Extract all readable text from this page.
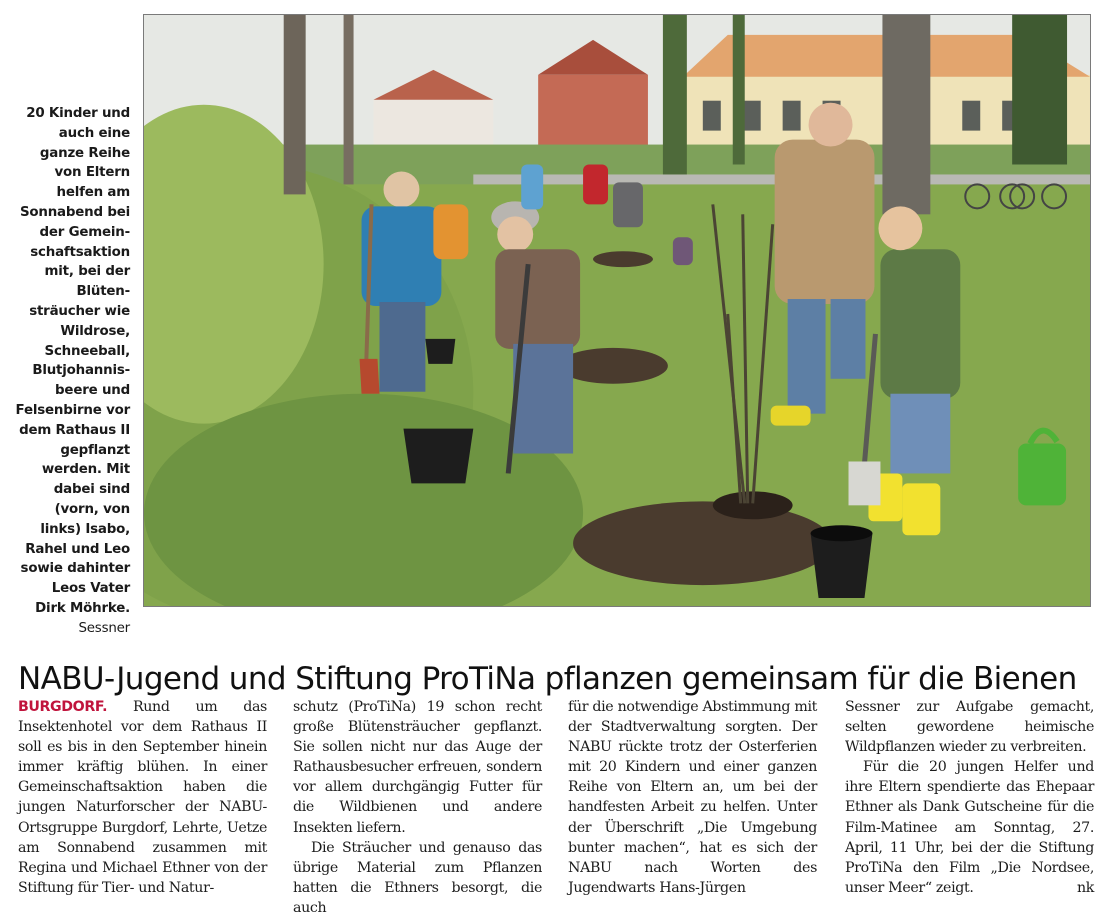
20 Kinder und
auch eine
ganze Reihe
von Eltern
helfen am
Sonnabend bei
der Gemein-
schaftsaktion
mit, bei der
Blüten-
sträucher wie
Wildrose,
Schneeball,
Blutjohannis-
beere und
Felsenbirne vor
dem Rathaus II
gepflanzt
werden. Mit
dabei sind
(vorn, von
links) Isabo,
Rahel und Leo
sowie dahinter
Leos Vater
Dirk Möhrke.
Sessner
NABU-Jugend und Stiftung ProTiNa pflanzen gemeinsam für die Bienen

BURGDORF. Rund um das Insektenhotel vor dem Rathaus II soll es bis in den September hinein immer kräftig blühen. In einer Gemeinschaftsaktion haben die jungen Naturforscher der NABU-Ortsgruppe Burgdorf, Lehrte, Uetze am Sonnabend zusammen mit Regina und Michael Ethner von der Stiftung für Tier- und Natur-

schutz (ProTiNa) 19 schon recht große Blütensträucher gepflanzt. Sie sollen nicht nur das Auge der Rathausbesucher erfreuen, sondern vor allem durchgängig Futter für die Wildbienen und andere Insekten liefern.

Die Sträucher und genauso das übrige Material zum Pflanzen hatten die Ethners besorgt, die auch

für die notwendige Abstimmung mit der Stadtverwaltung sorgten. Der NABU rückte trotz der Osterferien mit 20 Kindern und einer ganzen Reihe von Eltern an, um bei der handfesten Arbeit zu helfen. Unter der Überschrift „Die Umgebung bunter machen“, hat es sich der NABU nach Worten des Jugendwarts Hans-Jürgen

Sessner zur Aufgabe gemacht, selten gewordene heimische Wildpflanzen wieder zu verbreiten.

Für die 20 jungen Helfer und ihre Eltern spendierte das Ehepaar Ethner als Dank Gutscheine für die Film-Matinee am Sonntag, 27. April, 11 Uhr, bei der die Stiftung ProTiNa den Film „Die Nordsee, unser Meer“ zeigt.	nk
